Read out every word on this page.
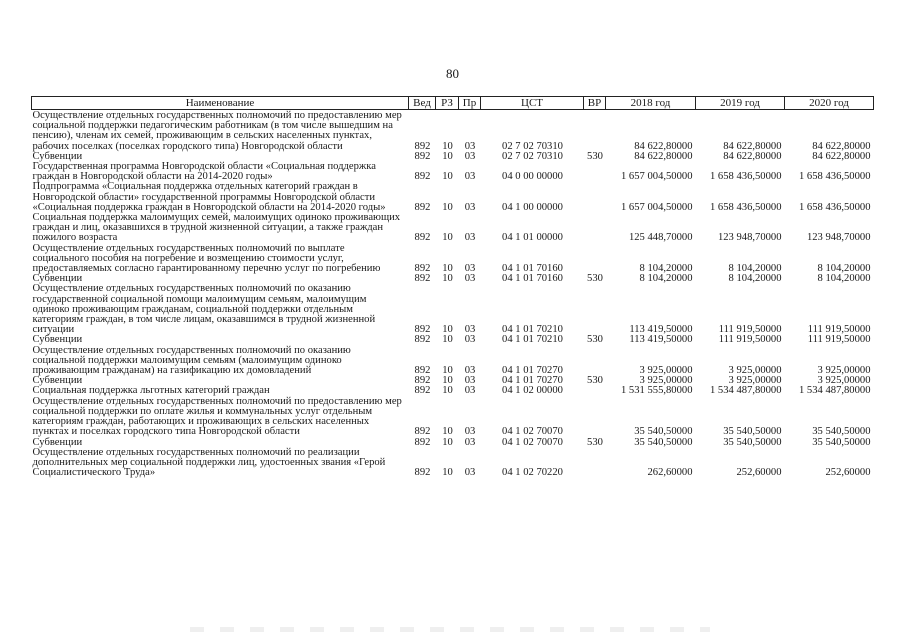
80
Наименование	Вед	РЗ	Пр	ЦСТ	ВР	2018 год	2019 год	2020 год
Осуществление отдельных государственных полномочий по предоставлению мер социальной поддержки педагогическим работникам (в том числе вышедшим на пенсию), членам их семей, проживающим в сельских населенных пунктах, рабочих поселках (поселках городского типа) Новгородской области	892	10	03	02 7 02 70310		84 622,80000	84 622,80000	84 622,80000
Субвенции	892	10	03	02 7 02 70310	530	84 622,80000	84 622,80000	84 622,80000
Государственная программа Новгородской области «Социальная поддержка граждан в Новгородской области на 2014-2020 годы»	892	10	03	04 0 00 00000		1 657 004,50000	1 658 436,50000	1 658 436,50000
Подпрограмма «Социальная поддержка отдельных категорий граждан в Новгородской области» государственной программы Новгородской области «Социальная поддержка граждан в Новгородской области на 2014-2020 годы»	892	10	03	04 1 00 00000		1 657 004,50000	1 658 436,50000	1 658 436,50000
Социальная поддержка малоимущих семей, малоимущих одиноко проживающих граждан и лиц, оказавшихся в трудной жизненной ситуации, а также граждан пожилого возраста	892	10	03	04 1 01 00000		125 448,70000	123 948,70000	123 948,70000
Осуществление отдельных государственных полномочий по выплате социального пособия на погребение и возмещению стоимости услуг, предоставляемых согласно гарантированному перечню услуг по погребению	892	10	03	04 1 01 70160		8 104,20000	8 104,20000	8 104,20000
Субвенции	892	10	03	04 1 01 70160	530	8 104,20000	8 104,20000	8 104,20000
Осуществление отдельных государственных полномочий по оказанию государственной социальной помощи малоимущим семьям, малоимущим одиноко проживающим гражданам, социальной поддержки отдельным категориям граждан, в том числе лицам, оказавшимся в трудной жизненной ситуации	892	10	03	04 1 01 70210		113 419,50000	111 919,50000	111 919,50000
Субвенции	892	10	03	04 1 01 70210	530	113 419,50000	111 919,50000	111 919,50000
Осуществление отдельных государственных полномочий по оказанию социальной поддержки малоимущим семьям (малоимущим одиноко проживающим гражданам) на газификацию их домовладений	892	10	03	04 1 01 70270		3 925,00000	3 925,00000	3 925,00000
Субвенции	892	10	03	04 1 01 70270	530	3 925,00000	3 925,00000	3 925,00000
Социальная поддержка льготных категорий граждан	892	10	03	04 1 02 00000		1 531 555,80000	1 534 487,80000	1 534 487,80000
Осуществление отдельных государственных полномочий по предоставлению мер социальной поддержки по оплате жилья и коммунальных услуг отдельным категориям граждан, работающих и проживающих в сельских населенных пунктах и поселках городского типа Новгородской области	892	10	03	04 1 02 70070		35 540,50000	35 540,50000	35 540,50000
Субвенции	892	10	03	04 1 02 70070	530	35 540,50000	35 540,50000	35 540,50000
Осуществление отдельных государственных полномочий по реализации дополнительных мер социальной поддержки лиц, удостоенных звания «Герой Социалистического Труда»	892	10	03	04 1 02 70220		262,60000	252,60000	252,60000
